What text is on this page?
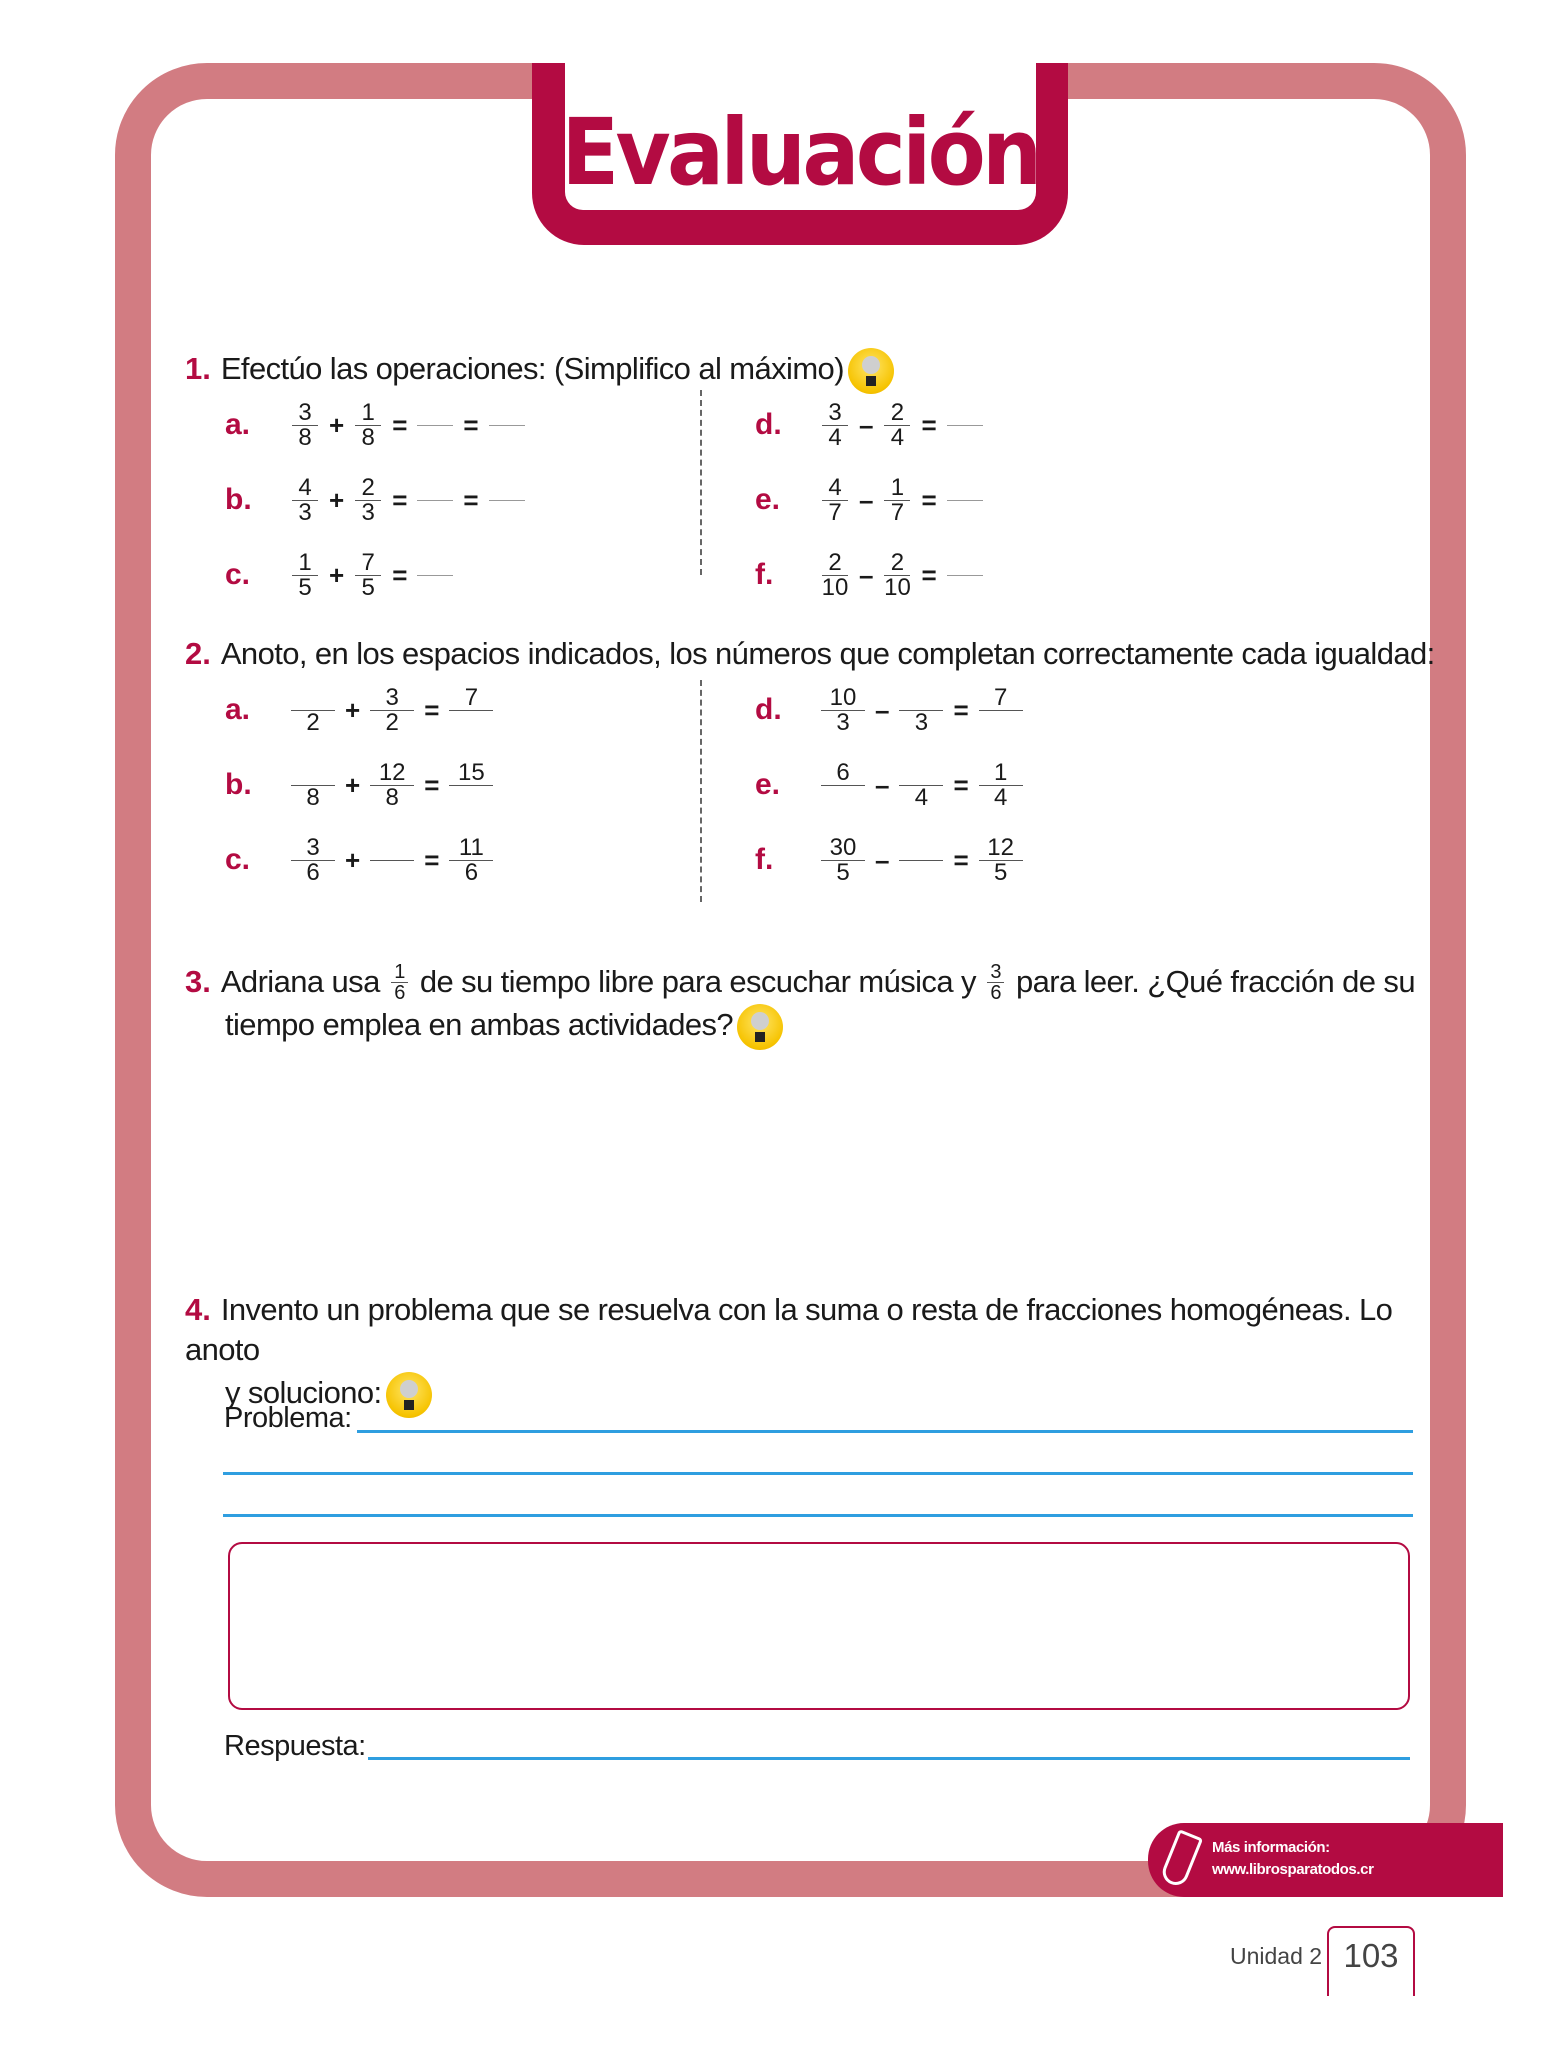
Evaluación
1. Efectúo las operaciones: (Simplifico al máximo)
a.	$\frac{3}{8} + \frac{1}{8}$ = =
b.	$\frac{4}{3} + \frac{2}{3}$ = =
c.	$\frac{1}{5} + \frac{7}{5}$ =
d.	$\frac{3}{4} - \frac{2}{4}$ =
e.	$\frac{4}{7} - \frac{1}{7}$ =
f.	$\frac{2}{10} - \frac{2}{10}$ =
2. Anoto, en los espacios indicados, los números que completan correctamente cada igualdad:
a.	$2 + \frac{3}{2}$ =	7
b.	$8 + \frac{12}{8} = 15$
c.	$\frac{3}{6}$ + = $\frac{11}{6}$
d.	$\frac{10}{3} - 3$ =	7
e.	$6 - 4 = \frac{1}{4}$
f.	$\frac{30}{5}$ – = $\frac{12}{5}$
3. Adriana usa $\frac{1}{6}$ de su tiempo libre para escuchar música y $\frac{3}{6}$ para leer. ¿Qué fracción de su
tiempo emplea en ambas actividades?
4. Invento un problema que se resuelva con la suma o resta de fracciones homogéneas. Lo anoto
y soluciono:
Problema:
Respuesta:
Más información:
www.librosparatodos.cr
Unidad 2 103
